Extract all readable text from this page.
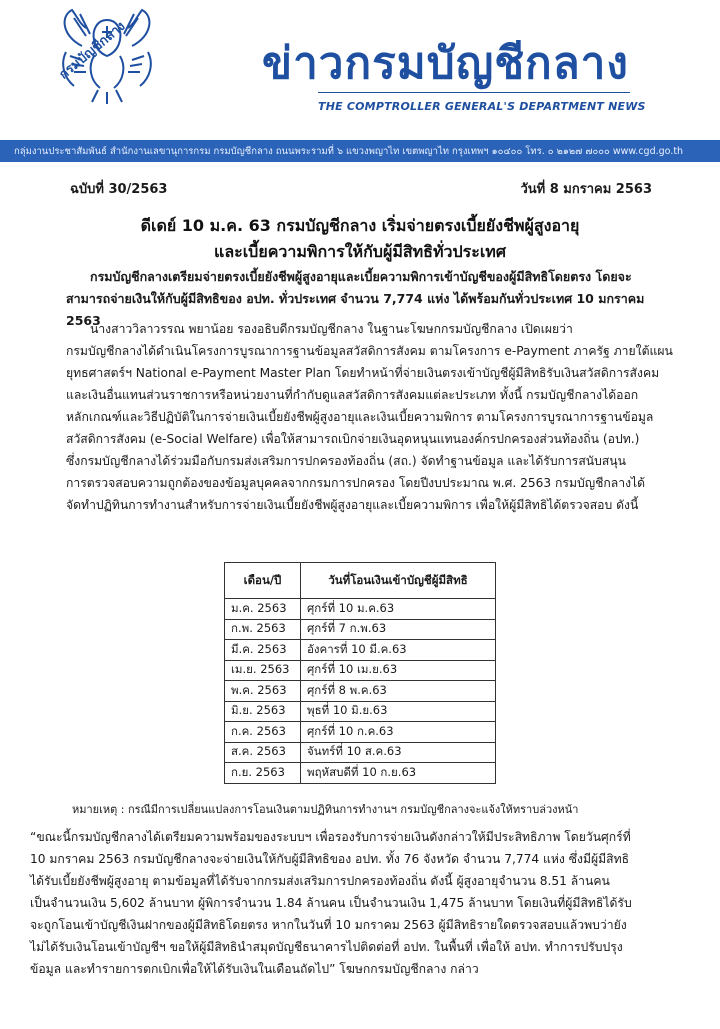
กรมบัญชีกลาง	ข่าวกรมบัญชีกลาง
THE COMPTROLLER GENERAL'S DEPARTMENT NEWS
กลุ่มงานประชาสัมพันธ์ สำนักงานเลขานุการกรม กรมบัญชีกลาง ถนนพระรามที่ ๖ แขวงพญาไท เขตพญาไท กรุงเทพฯ ๑๐๔๐๐ โทร. ๐ ๒๑๒๗ ๗๐๐๐ www.cgd.go.th
ฉบับที่ 30/2563	วันที่ 8 มกราคม 2563
ดีเดย์ 10 ม.ค. 63 กรมบัญชีกลาง เริ่มจ่ายตรงเบี้ยยังชีพผู้สูงอายุ
และเบี้ยความพิการให้กับผู้มีสิทธิทั่วประเทศ
กรมบัญชีกลางเตรียมจ่ายตรงเบี้ยยังชีพผู้สูงอายุและเบี้ยความพิการเข้าบัญชีของผู้มีสิทธิโดยตรง โดยจะ
สามารถจ่ายเงินให้กับผู้มีสิทธิของ อปท. ทั่วประเทศ จำนวน 7,774 แห่ง ได้พร้อมกันทั่วประเทศ 10 มกราคม 2563
นางสาววิลาวรรณ พยาน้อย รองอธิบดีกรมบัญชีกลาง ในฐานะโฆษกกรมบัญชีกลาง เปิดเผยว่า
กรมบัญชีกลางได้ดำเนินโครงการบูรณาการฐานข้อมูลสวัสดิการสังคม ตามโครงการ e-Payment ภาครัฐ ภายใต้แผน
ยุทธศาสตร์ฯ National e-Payment Master Plan โดยทำหน้าที่จ่ายเงินตรงเข้าบัญชีผู้มีสิทธิรับเงินสวัสดิการสังคม
และเงินอื่นแทนส่วนราชการหรือหน่วยงานที่กำกับดูแลสวัสดิการสังคมแต่ละประเภท ทั้งนี้ กรมบัญชีกลางได้ออก
หลักเกณฑ์และวิธีปฏิบัติในการจ่ายเงินเบี้ยยังชีพผู้สูงอายุและเงินเบี้ยความพิการ ตามโครงการบูรณาการฐานข้อมูล
สวัสดิการสังคม (e-Social Welfare) เพื่อให้สามารถเบิกจ่ายเงินอุดหนุนแทนองค์กรปกครองส่วนท้องถิ่น (อปท.)
ซึ่งกรมบัญชีกลางได้ร่วมมือกับกรมส่งเสริมการปกครองท้องถิ่น (สถ.) จัดทำฐานข้อมูล และได้รับการสนับสนุน
การตรวจสอบความถูกต้องของข้อมูลบุคคลจากกรมการปกครอง โดยปีงบประมาณ พ.ศ. 2563 กรมบัญชีกลางได้
จัดทำปฏิทินการทำงานสำหรับการจ่ายเงินเบี้ยยังชีพผู้สูงอายุและเบี้ยความพิการ เพื่อให้ผู้มีสิทธิได้ตรวจสอบ ดังนี้
เดือน/ปี	วันที่โอนเงินเข้าบัญชีผู้มีสิทธิ
ม.ค. 2563	ศุกร์ที่ 10 ม.ค.63
ก.พ. 2563	ศุกร์ที่ 7 ก.พ.63
มี.ค. 2563	อังคารที่ 10 มี.ค.63
เม.ย. 2563	ศุกร์ที่ 10 เม.ย.63
พ.ค. 2563	ศุกร์ที่ 8 พ.ค.63
มิ.ย. 2563	พุธที่ 10 มิ.ย.63
ก.ค. 2563	ศุกร์ที่ 10 ก.ค.63
ส.ค. 2563	จันทร์ที่ 10 ส.ค.63
ก.ย. 2563	พฤหัสบดีที่ 10 ก.ย.63
หมายเหตุ : กรณีมีการเปลี่ยนแปลงการโอนเงินตามปฏิทินการทำงานฯ กรมบัญชีกลางจะแจ้งให้ทราบล่วงหน้า
“ขณะนี้กรมบัญชีกลางได้เตรียมความพร้อมของระบบฯ เพื่อรองรับการจ่ายเงินดังกล่าวให้มีประสิทธิภาพ โดยวันศุกร์ที่
10 มกราคม 2563 กรมบัญชีกลางจะจ่ายเงินให้กับผู้มีสิทธิของ อปท. ทั้ง 76 จังหวัด จำนวน 7,774 แห่ง ซึ่งมีผู้มีสิทธิ
ได้รับเบี้ยยังชีพผู้สูงอายุ ตามข้อมูลที่ได้รับจากกรมส่งเสริมการปกครองท้องถิ่น ดังนี้ ผู้สูงอายุจำนวน 8.51 ล้านคน
เป็นจำนวนเงิน 5,602 ล้านบาท ผู้พิการจำนวน 1.84 ล้านคน เป็นจำนวนเงิน 1,475 ล้านบาท โดยเงินที่ผู้มีสิทธิได้รับ
จะถูกโอนเข้าบัญชีเงินฝากของผู้มีสิทธิโดยตรง หากในวันที่ 10 มกราคม 2563 ผู้มีสิทธิรายใดตรวจสอบแล้วพบว่ายัง
ไม่ได้รับเงินโอนเข้าบัญชีฯ ขอให้ผู้มีสิทธินำสมุดบัญชีธนาคารไปติดต่อที่ อปท. ในพื้นที่ เพื่อให้ อปท. ทำการปรับปรุง
ข้อมูล และทำรายการตกเบิกเพื่อให้ได้รับเงินในเดือนถัดไป” โฆษกกรมบัญชีกลาง กล่าว
